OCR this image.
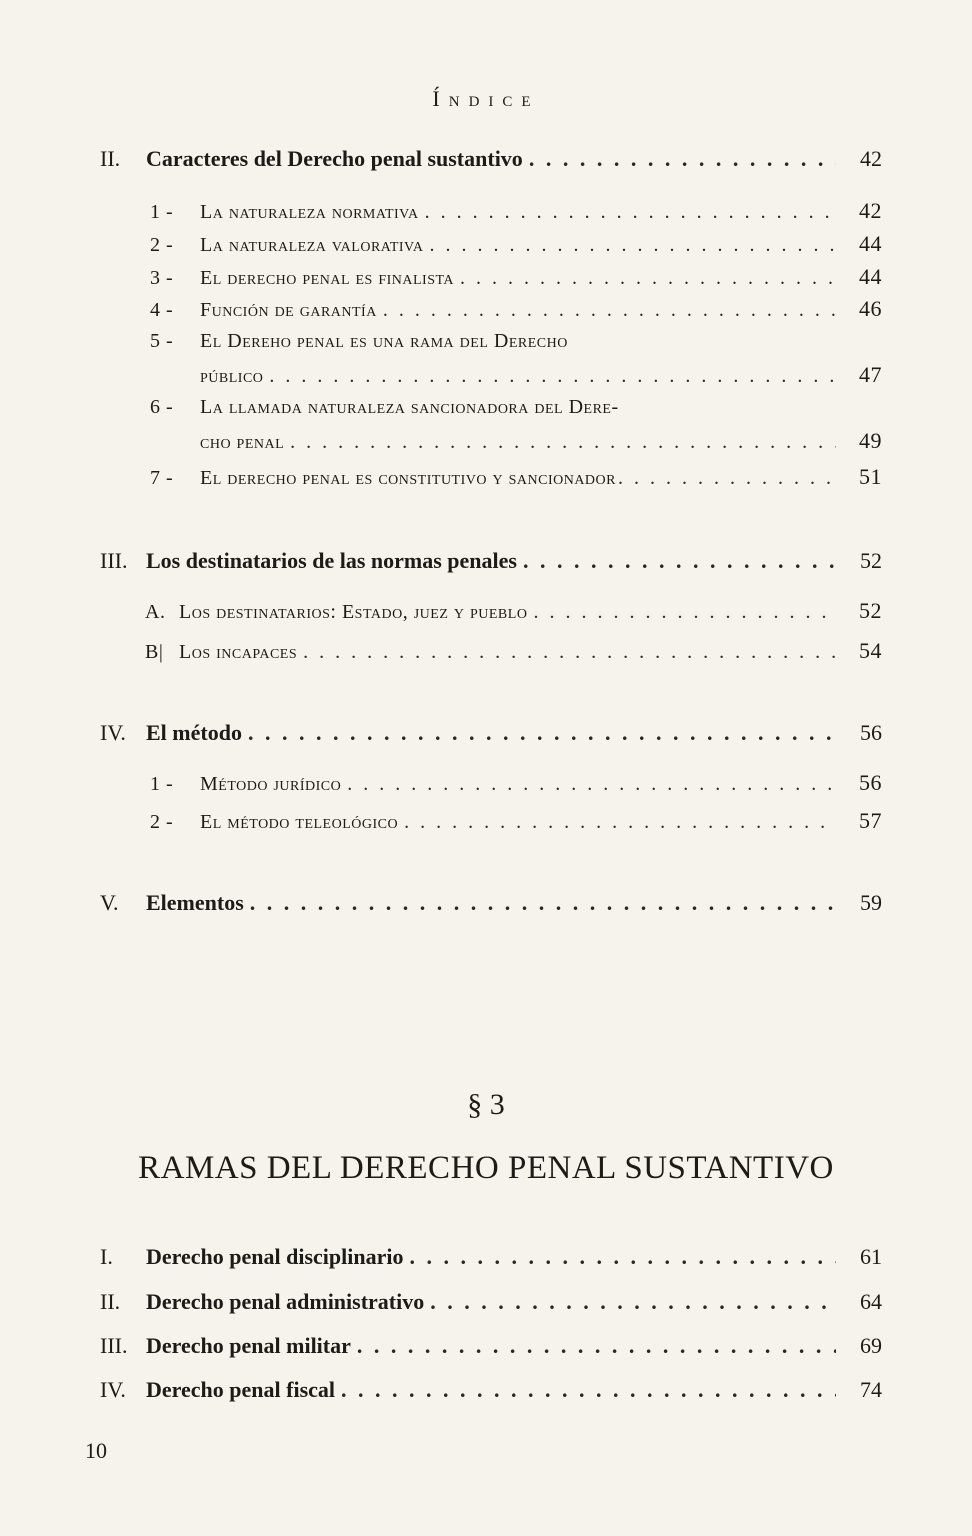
Índice
II.	Caracteres del Derecho penal sustantivo . . .	42
1 -	La naturaleza normativa . . .	42
2 -	La naturaleza valorativa . . .	44
3 -	El derecho penal es finalista . . .	44
4 -	Función de garantía . . .	46
5 - El Dereho penal es una rama del Derecho
público . . .	47
6 - La llamada naturaleza sancionadora del Dere-
cho penal . . .	49
7 -	El derecho penal es constitutivo y sancionador . . .	51
III. Los destinatarios de las normas penales . . .	52
A. Los destinatarios: Estado, juez y pueblo . . .	52
B| Los incapaces . . .	54
IV. El método . . .	56
1 -	Método jurídico . . .	56
2 -	El método teleológico . . .	57
V.	Elementos . . .	59
§ 3
RAMAS DEL DERECHO PENAL SUSTANTIVO
I.	Derecho penal disciplinario . . .	61
II.	Derecho penal administrativo . . .	64
III. Derecho penal militar . . .	69
IV. Derecho penal fiscal . . .	74
10
